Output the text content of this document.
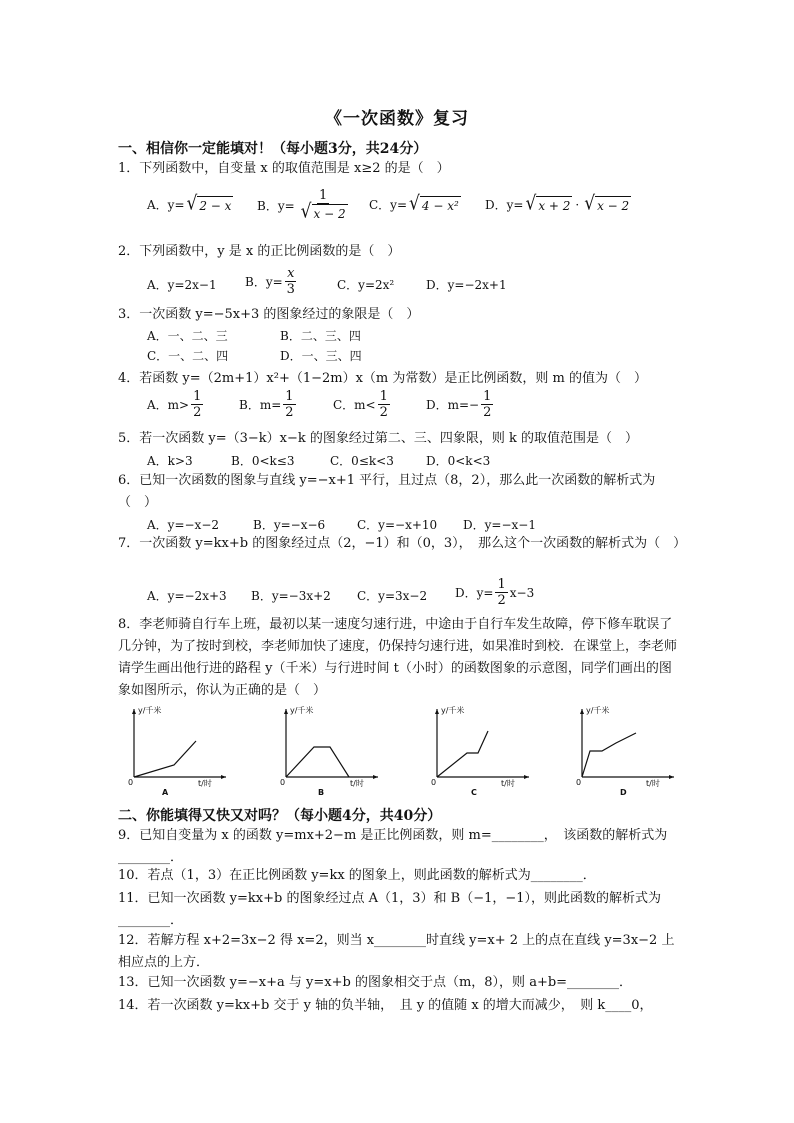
《一次函数》复习
一、相信你一定能填对！（每小题3分，共24分）
1．下列函数中，自变量 x 的取值范围是 x≥2 的是（　）
A．y= √ 2 − x B．$y= \frac{1}{√ x - 2}$ C．y= √ 4 − x² D．y= √ x + 2 · √ x − 2
2．下列函数中，y 是 x 的正比例函数的是（　）
A．y=2x−1 B．$y= \frac{x}{3}$	C．y=2x²	D．y=−2x+1
3．一次函数 y=−5x+3 的图象经过的象限是（　）
A．一、二、三	B．二、三、四
C．一、二、四	D．一、三、四
4．若函数 y=（2m+1）x²+（1−2m）x（m 为常数）是正比例函数，则 m 的值为（　）
A．$m> \frac{1}{2}$	B．$m= \frac{1}{2}$	C．$m< \frac{1}{2}$	D．$m=- \frac{1}{2}$
5．若一次函数 y=（3−k）x−k 的图象经过第二、三、四象限，则 k 的取值范围是（　）
A．k>3	B．0<k≤3	C．0≤k<3	D．0<k<3
6．已知一次函数的图象与直线 y=−x+1 平行，且过点（8，2），那么此一次函数的解析式为（　）
A．y=−x−2	B．y=−x−6	C．y=−x+10 D．y=−x−1
7．一次函数 y=kx+b 的图象经过点（2，−1）和（0，3），　那么这个一次函数的解析式为（　）
A．y=−2x+3 B．y=−3x+2 C．y=3x−2 D．$y= \frac{1}{2} x-3$
8．李老师骑自行车上班，最初以某一速度匀速行进，中途由于自行车发生故障，停下修车耽误了几分钟，为了按时到校，李老师加快了速度，仍保持匀速行进，如果准时到校．在课堂上，李老师请学生画出他行进的路程 y（千米）与行进时间 t（小时）的函数图象的示意图，同学们画出的图象如图所示，你认为正确的是（　）
y/千米
0	t/时
A
y/千米
0	t/时
B
y/千米
0	t/时
C
y/千米
0	t/时
D
二、你能填得又快又对吗？（每小题4分，共40分）
9．已知自变量为 x 的函数 y=mx+2−m 是正比例函数，则 m=________，　该函数的解析式为________．
10．若点（1，3）在正比例函数 y=kx 的图象上，则此函数的解析式为________．
11．已知一次函数 y=kx+b 的图象经过点 A（1，3）和 B（−1，−1），则此函数的解析式为________．
12．若解方程 x+2=3x−2 得 x=2，则当 x________时直线 y=x+ 2 上的点在直线 y=3x−2 上相应点的上方．
13．已知一次函数 y=−x+a 与 y=x+b 的图象相交于点（m，8），则 a+b=________．
14．若一次函数 y=kx+b 交于 y 轴的负半轴，　且 y 的值随 x 的增大而减少，　则 k____0，
